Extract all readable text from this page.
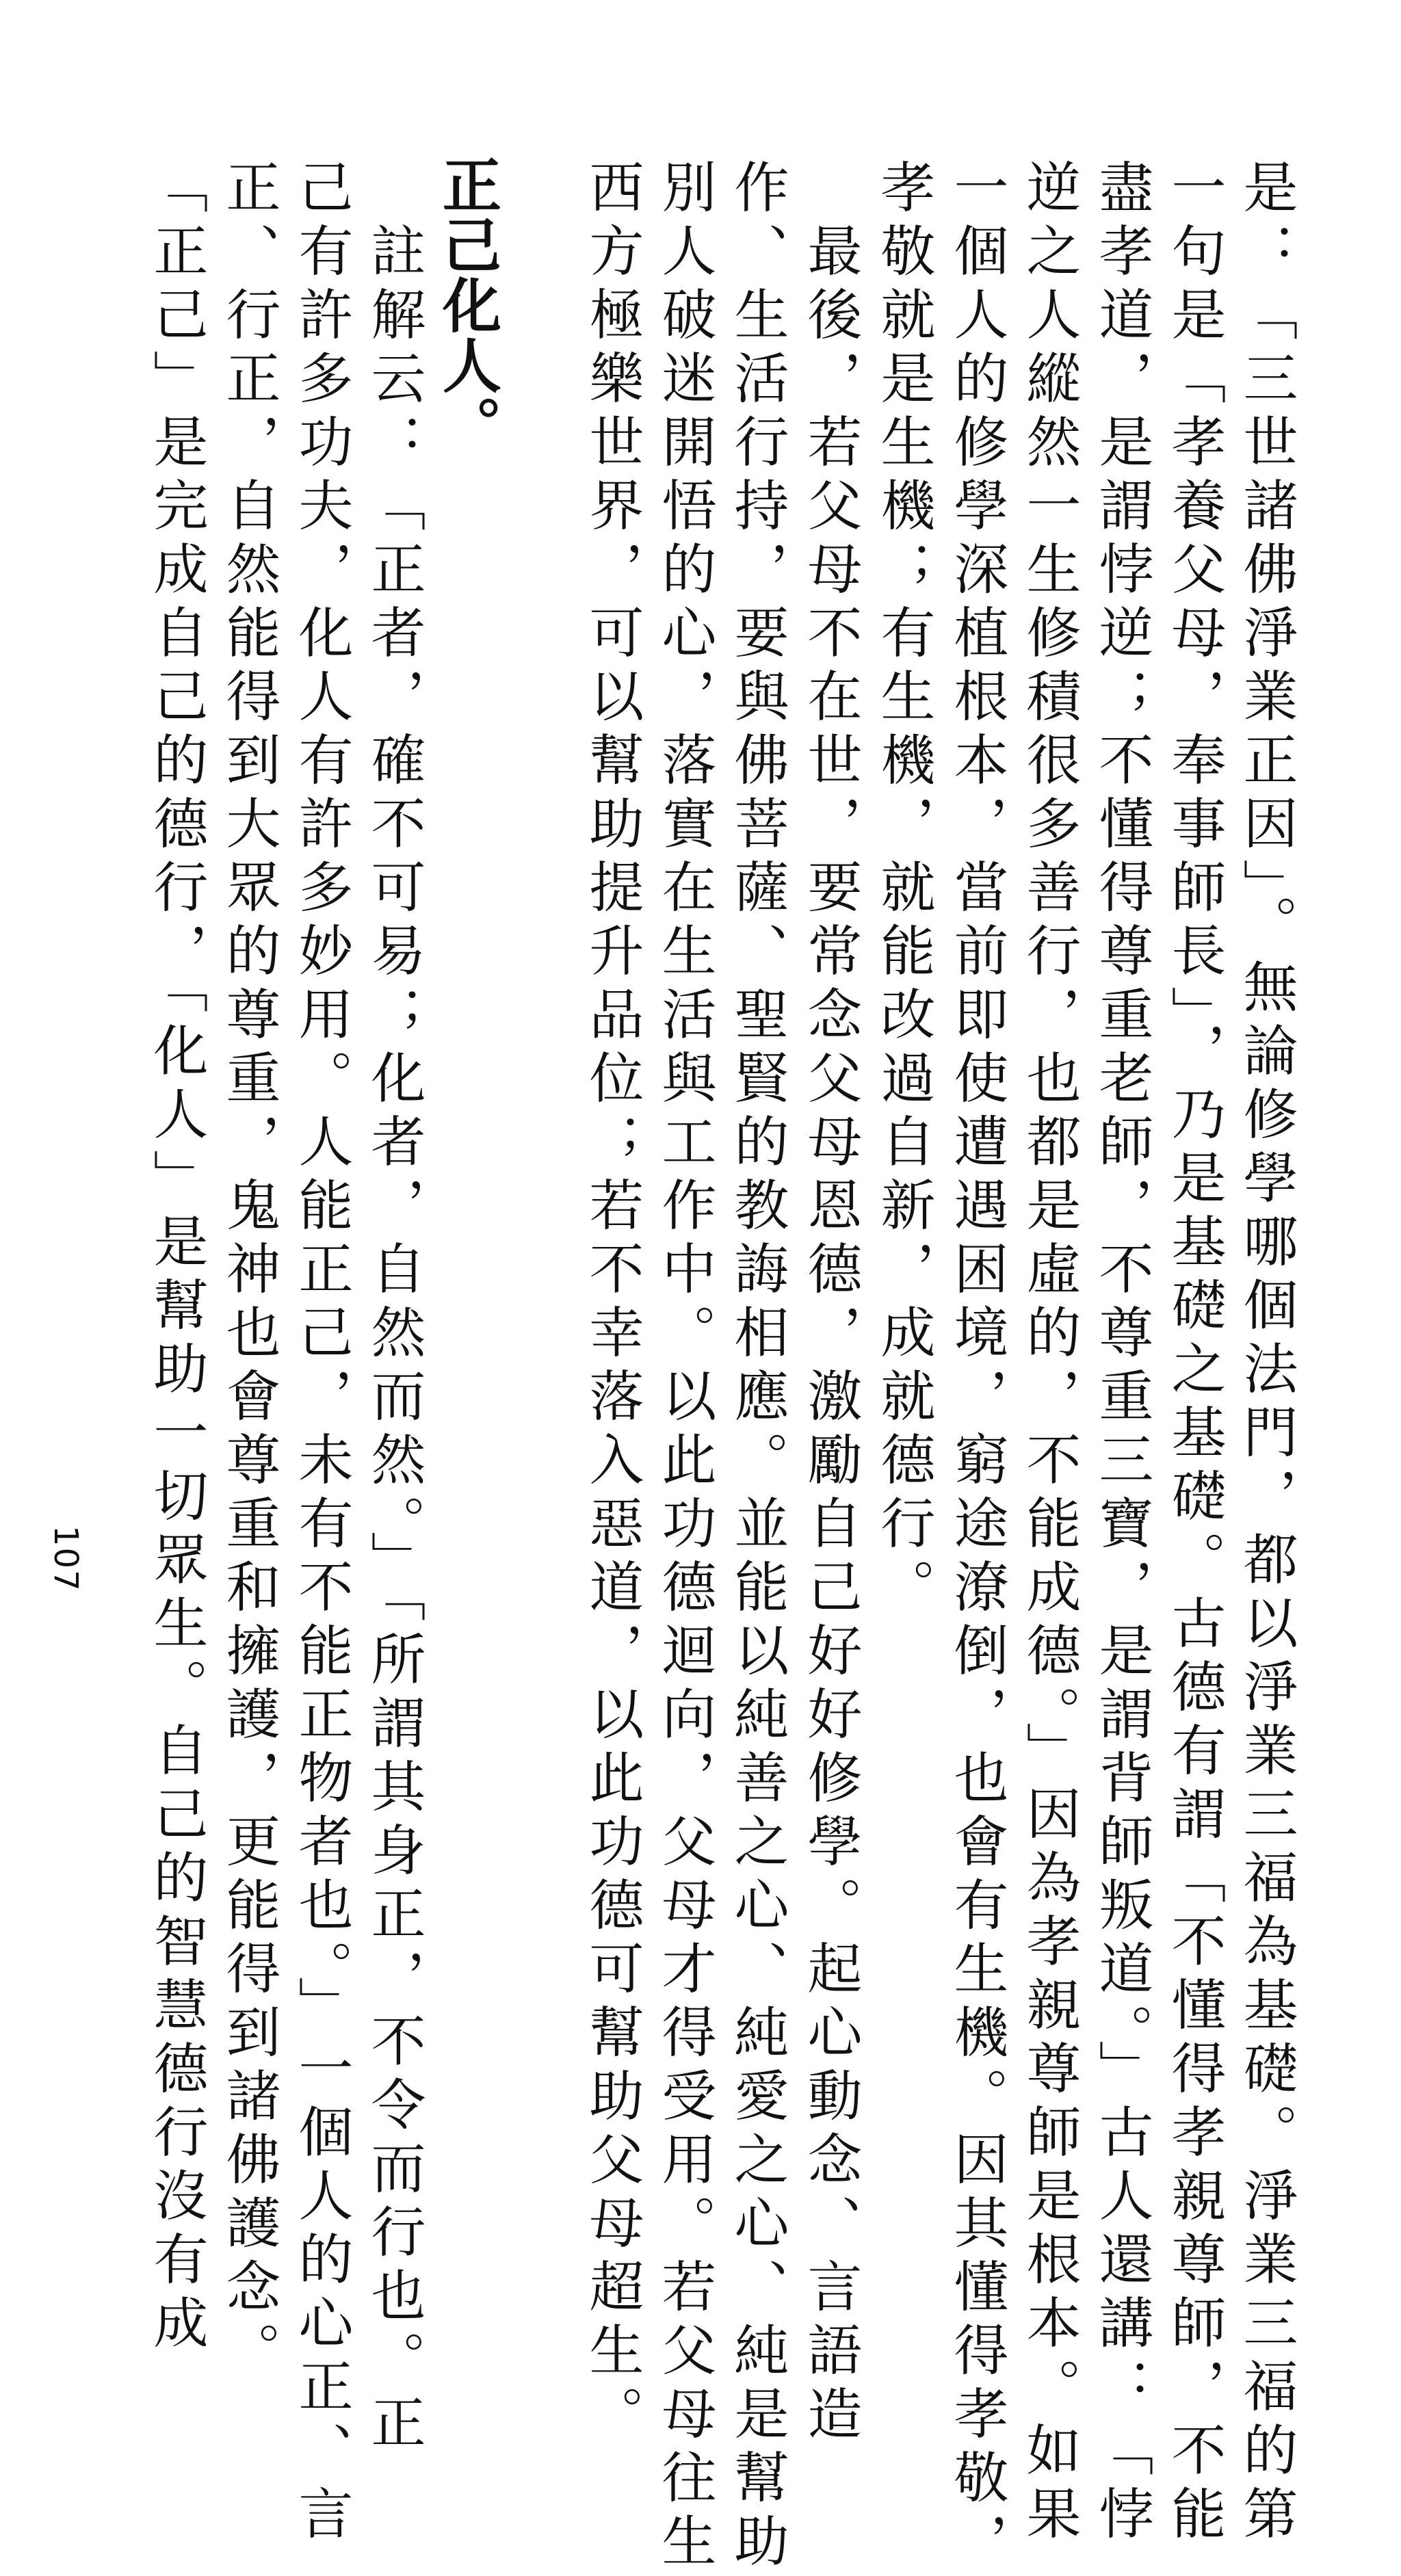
是：「三世諸佛淨業正因」。無論修學哪個法門，都以淨業三福為基礎。淨業三福的第
一句是「孝養父母，奉事師長」，乃是基礎之基礎。古德有謂「不懂得孝親尊師，不能
盡孝道，是謂悖逆；不懂得尊重老師，不尊重三寶，是謂背師叛道。」古人還講：「悖
逆之人縱然一生修積很多善行，也都是虛的，不能成德。」因為孝親尊師是根本。如果
一個人的修學深植根本，當前即使遭遇困境，窮途潦倒，也會有生機。因其懂得孝敬，
孝敬就是生機；有生機，就能改過自新，成就德行。
　最後，若父母不在世，要常念父母恩德，激勵自己好好修學。起心動念、言語造
作、生活行持，要與佛菩薩、聖賢的教誨相應。並能以純善之心、純愛之心、純是幫助
別人破迷開悟的心，落實在生活與工作中。以此功德迴向，父母才得受用。若父母往生
西方極樂世界，可以幫助提升品位；若不幸落入惡道，以此功德可幫助父母超生。
正己化人。
　註解云：「正者，確不可易；化者，自然而然。」「所謂其身正，不令而行也。正
己有許多功夫，化人有許多妙用。人能正己，未有不能正物者也。」一個人的心正、言
正、行正，自然能得到大眾的尊重，鬼神也會尊重和擁護，更能得到諸佛護念。
「正己」是完成自己的德行，「化人」是幫助一切眾生。自己的智慧德行沒有成
107
